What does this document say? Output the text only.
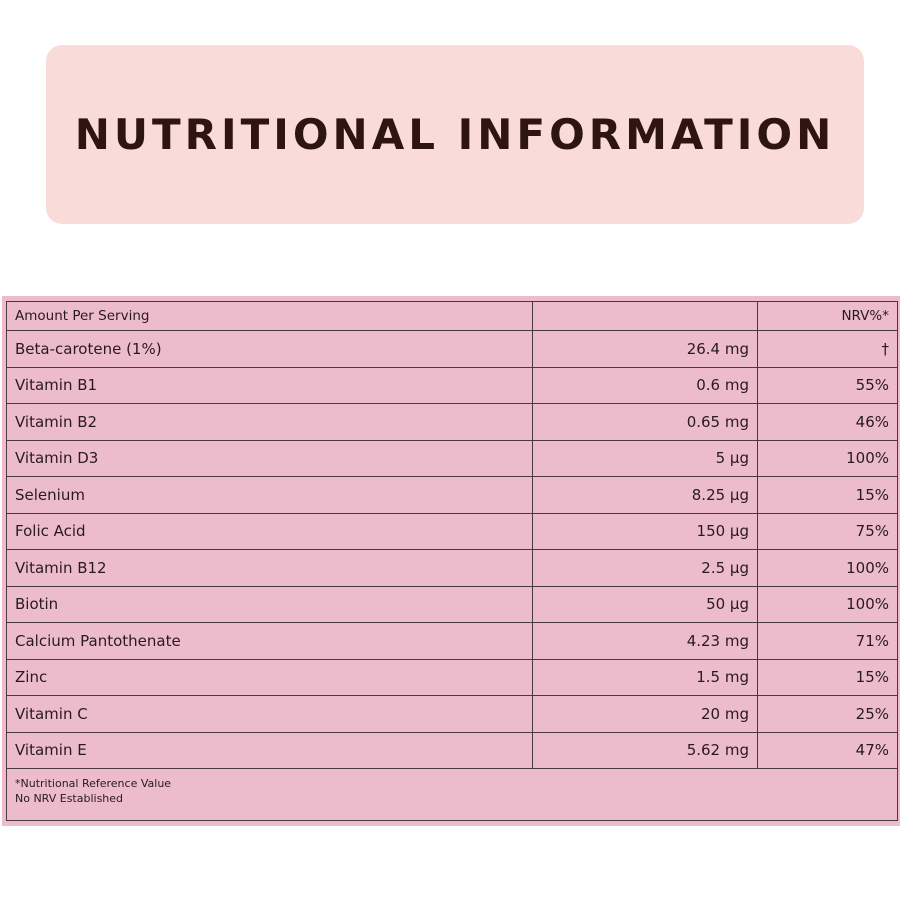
NUTRITIONAL INFORMATION
Amount Per Serving		NRV%*
Beta-carotene (1%)	26.4 mg	†
Vitamin B1	0.6 mg	55%
Vitamin B2	0.65 mg	46%
Vitamin D3	5 µg	100%
Selenium	8.25 µg	15%
Folic Acid	150 µg	75%
Vitamin B12	2.5 µg	100%
Biotin	50 µg	100%
Calcium Pantothenate	4.23 mg	71%
Zinc	1.5 mg	15%
Vitamin C	20 mg	25%
Vitamin E	5.62 mg	47%

*Nutritional Reference Value
No NRV Established		
